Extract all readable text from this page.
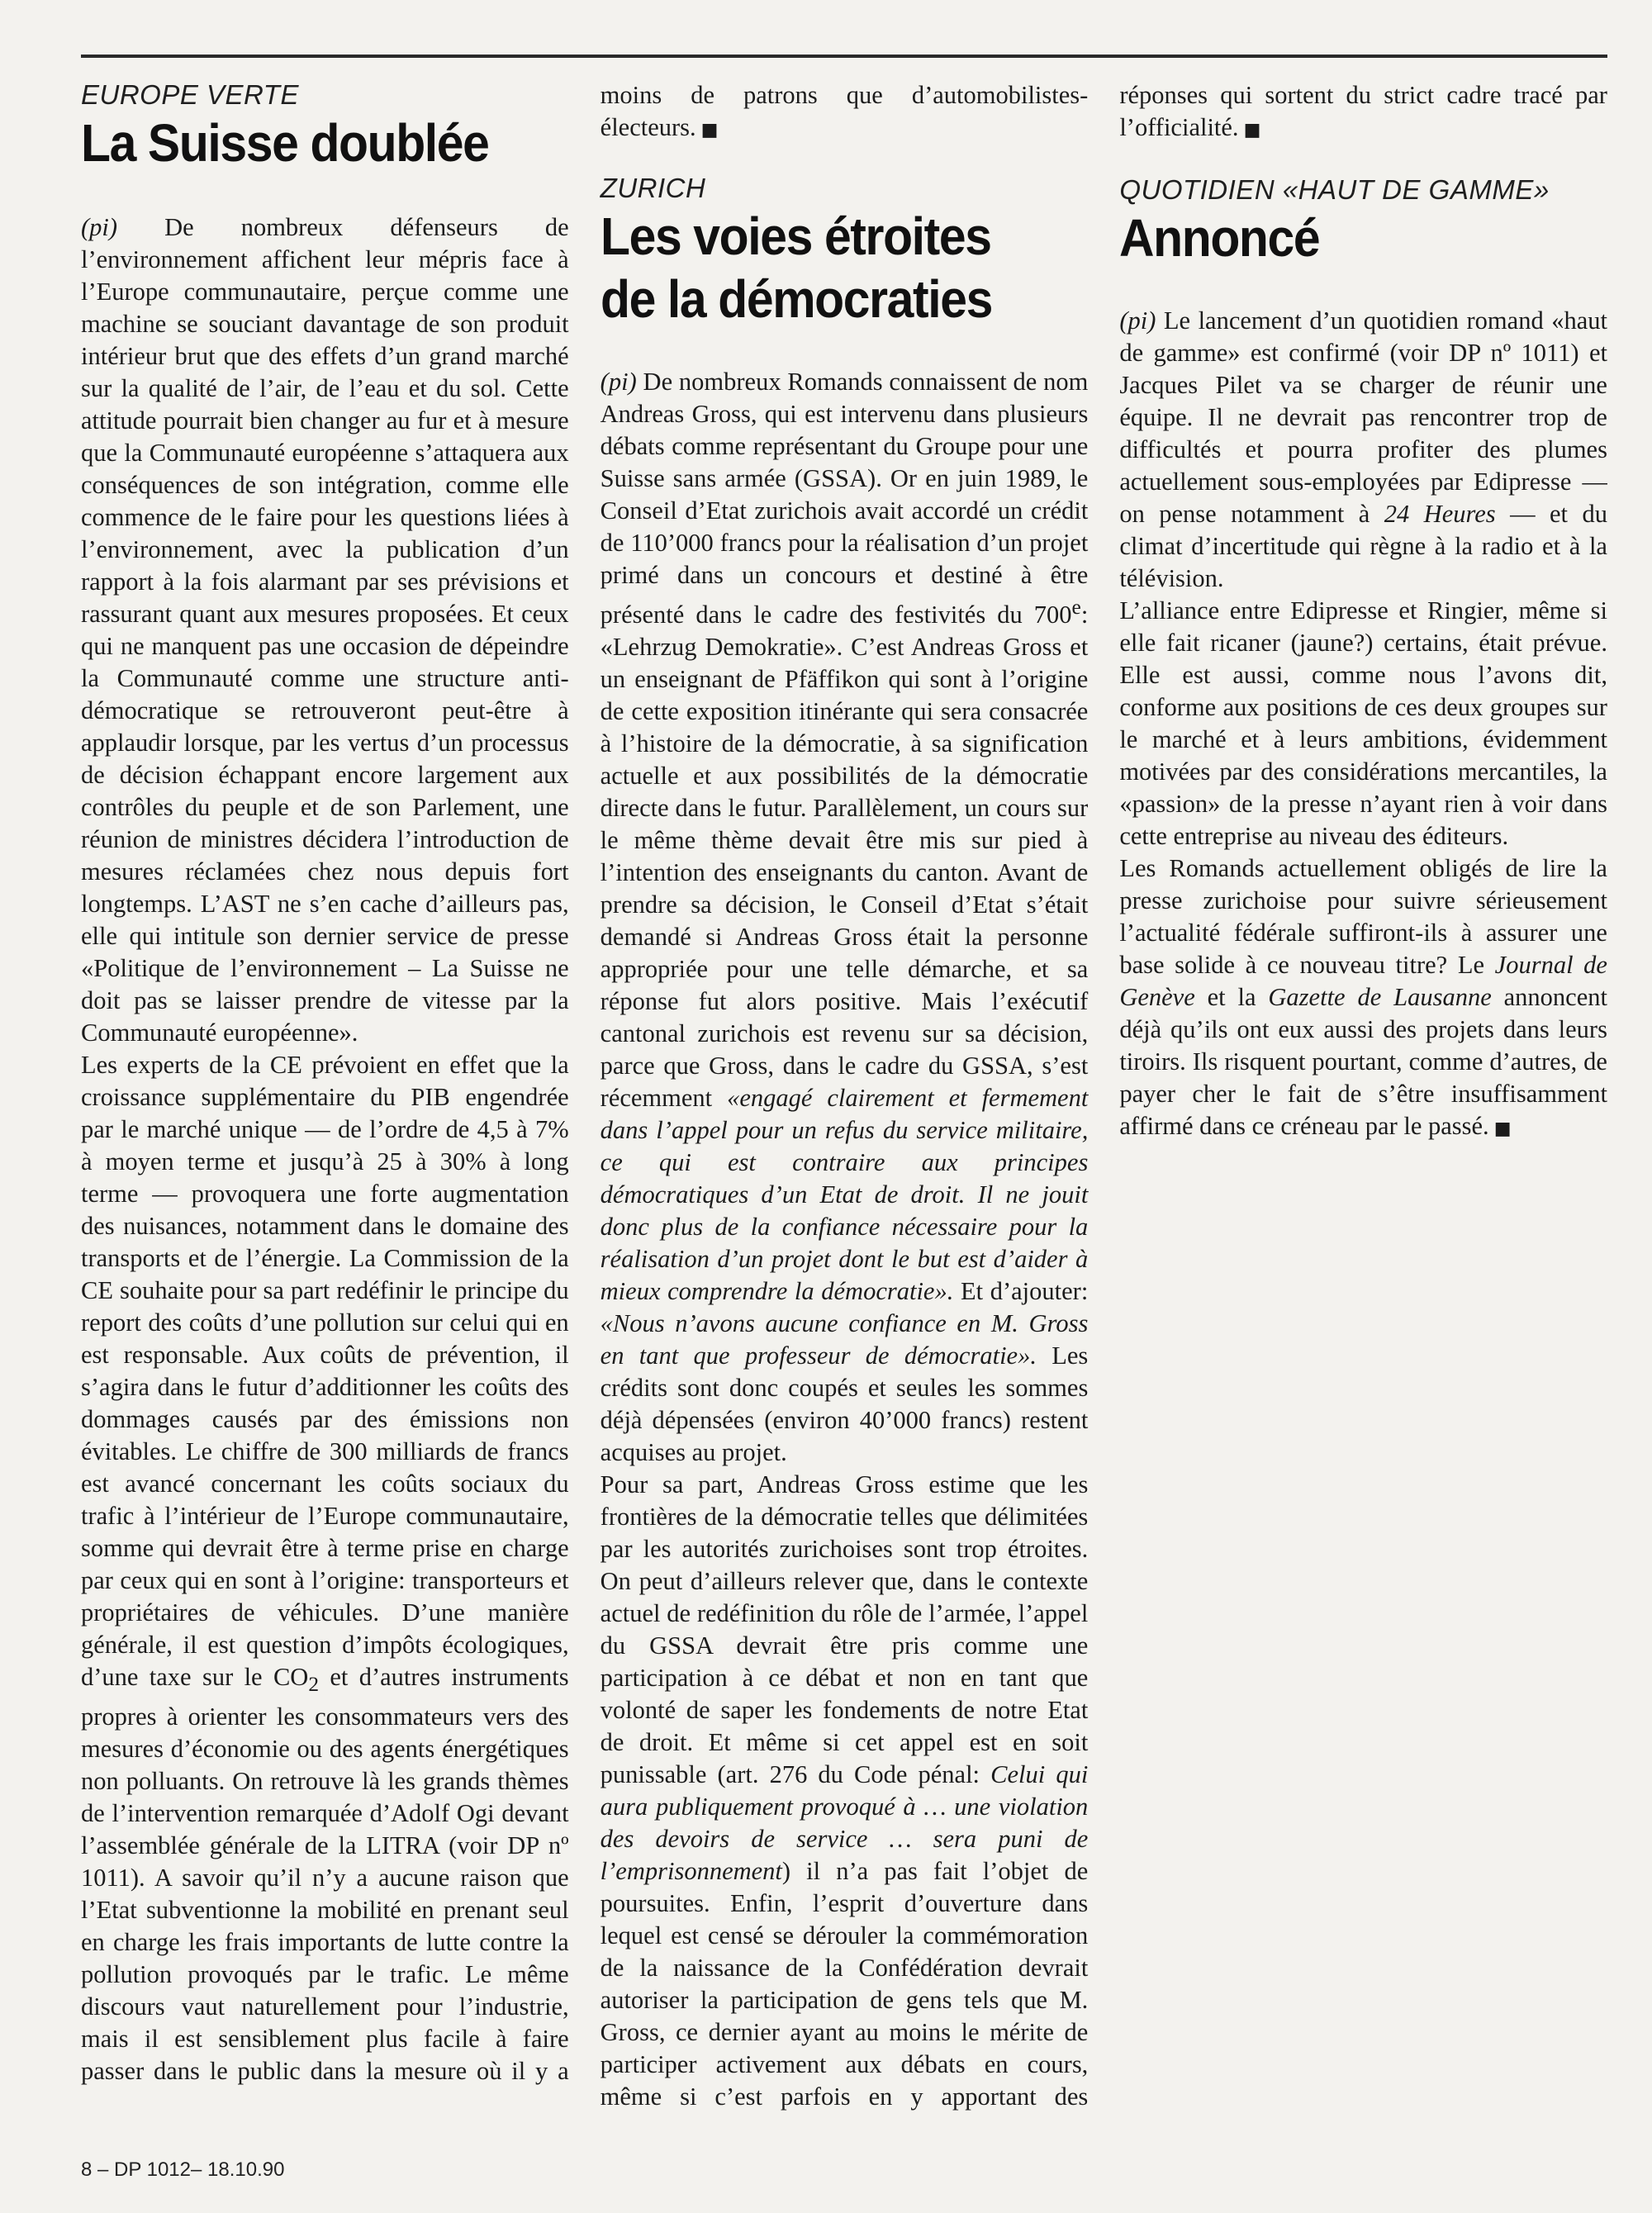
EUROPE VERTE
La Suisse doublée
(pi) De nombreux défenseurs de l’environnement affichent leur mépris face à l’Europe communautaire, perçue comme une machine se souciant davantage de son produit intérieur brut que des effets d’un grand marché sur la qualité de l’air, de l’eau et du sol. Cette attitude pourrait bien changer au fur et à mesure que la Communauté européenne s’attaquera aux conséquences de son intégration, comme elle commence de le faire pour les questions liées à l’environnement, avec la publication d’un rapport à la fois alarmant par ses prévisions et rassurant quant aux mesures proposées. Et ceux qui ne manquent pas une occasion de dépeindre la Communauté comme une structure anti-démocratique se retrouveront peut-être à applaudir lorsque, par les vertus d’un processus de décision échappant encore largement aux contrôles du peuple et de son Parlement, une réunion de ministres décidera l’introduction de mesures réclamées chez nous depuis fort longtemps. L’AST ne s’en cache d’ailleurs pas, elle qui intitule son dernier service de presse «Politique de l’environnement – La Suisse ne doit pas se laisser prendre de vitesse par la Communauté européenne».
Les experts de la CE prévoient en effet que la croissance supplémentaire du PIB engendrée par le marché unique — de l’ordre de 4,5 à 7% à moyen terme et jusqu’à 25 à 30% à long terme — provoquera une forte augmentation des nuisances, notamment dans le domaine des transports et de l’énergie. La Commission de la CE souhaite pour sa part redéfinir le principe du report des coûts d’une pollution sur celui qui en est responsable. Aux coûts de prévention, il s’agira dans le futur d’additionner les coûts des dommages causés par des émissions non évitables. Le chiffre de 300 milliards de francs est avancé concernant les coûts sociaux du trafic à l’intérieur de l’Europe communautaire, somme qui devrait être à terme prise en charge par ceux qui en sont à l’origine: transporteurs et propriétaires de véhicules. D’une manière générale, il est question d’impôts écologiques, d’une taxe sur le $CO_2$ et d’autres instruments propres à orienter les consommateurs vers des mesures d’économie ou des agents énergétiques non polluants. On retrouve là les grands thèmes de l’intervention remarquée d’Adolf Ogi devant l’assemblée générale de la LITRA (voir DP nº 1011). A savoir qu’il n’y a aucune raison que l’Etat subventionne la mobilité en prenant seul en charge les frais importants de lutte contre la pollution provoqués par le trafic. Le même discours vaut naturellement pour l’industrie, mais il est sensiblement plus facile à faire passer dans le public dans la mesure où il y a moins de patrons que d’automobilistes-électeurs. ■
ZURICH
Les voies étroites
de la démocraties
(pi) De nombreux Romands connaissent de nom Andreas Gross, qui est intervenu dans plusieurs débats comme représentant du Groupe pour une Suisse sans armée (GSSA). Or en juin 1989, le Conseil d’Etat zurichois avait accordé un crédit de 110’000 francs pour la réalisation d’un projet primé dans un concours et destiné à être présenté dans le cadre des festivités du 700e: «Lehrzug Demokratie». C’est Andreas Gross et un enseignant de Pfäffikon qui sont à l’origine de cette exposition itinérante qui sera consacrée à l’histoire de la démocratie, à sa signification actuelle et aux possibilités de la démocratie directe dans le futur. Parallèlement, un cours sur le même thème devait être mis sur pied à l’intention des enseignants du canton. Avant de prendre sa décision, le Conseil d’Etat s’était demandé si Andreas Gross était la personne appropriée pour une telle démarche, et sa réponse fut alors positive. Mais l’exécutif cantonal zurichois est revenu sur sa décision, parce que Gross, dans le cadre du GSSA, s’est récemment «engagé clairement et fermement dans l’appel pour un refus du service militaire, ce qui est contraire aux principes démocratiques d’un Etat de droit. Il ne jouit donc plus de la confiance nécessaire pour la réalisation d’un projet dont le but est d’aider à mieux comprendre la démocratie». Et d’ajouter: «Nous n’avons aucune confiance en M. Gross en tant que professeur de démocratie». Les crédits sont donc coupés et seules les sommes déjà dépensées (environ 40’000 francs) restent acquises au projet.
Pour sa part, Andreas Gross estime que les frontières de la démocratie telles que délimitées par les autorités zurichoises sont trop étroites. On peut d’ailleurs relever que, dans le contexte actuel de redéfinition du rôle de l’armée, l’appel du GSSA devrait être pris comme une participation à ce débat et non en tant que volonté de saper les fondements de notre Etat de droit. Et même si cet appel est en soit punissable (art. 276 du Code pénal: Celui qui aura publiquement provoqué à … une violation des devoirs de service … sera puni de l’emprisonnement) il n’a pas fait l’objet de poursuites. Enfin, l’esprit d’ouverture dans lequel est censé se dérouler la commémoration de la naissance de la Confédération devrait autoriser la participation de gens tels que M. Gross, ce dernier ayant au moins le mérite de participer activement aux débats en cours, même si c’est parfois en y apportant des réponses qui sortent du strict cadre tracé par l’officialité. ■
QUOTIDIEN «HAUT DE GAMME»
Annoncé
(pi) Le lancement d’un quotidien romand «haut de gamme» est confirmé (voir DP nº 1011) et Jacques Pilet va se charger de réunir une équipe. Il ne devrait pas rencontrer trop de difficultés et pourra profiter des plumes actuellement sous-employées par Edipresse — on pense notamment à 24 Heures — et du climat d’incertitude qui règne à la radio et à la télévision.
L’alliance entre Edipresse et Ringier, même si elle fait ricaner (jaune?) certains, était prévue. Elle est aussi, comme nous l’avons dit, conforme aux positions de ces deux groupes sur le marché et à leurs ambitions, évidemment motivées par des considérations mercantiles, la «passion» de la presse n’ayant rien à voir dans cette entreprise au niveau des éditeurs.
Les Romands actuellement obligés de lire la presse zurichoise pour suivre sérieusement l’actualité fédérale suffiront-ils à assurer une base solide à ce nouveau titre? Le Journal de Genève et la Gazette de Lausanne annoncent déjà qu’ils ont eux aussi des projets dans leurs tiroirs. Ils risquent pourtant, comme d’autres, de payer cher le fait de s’être insuffisamment affirmé dans ce créneau par le passé. ■
8 – DP 1012– 18.10.90
